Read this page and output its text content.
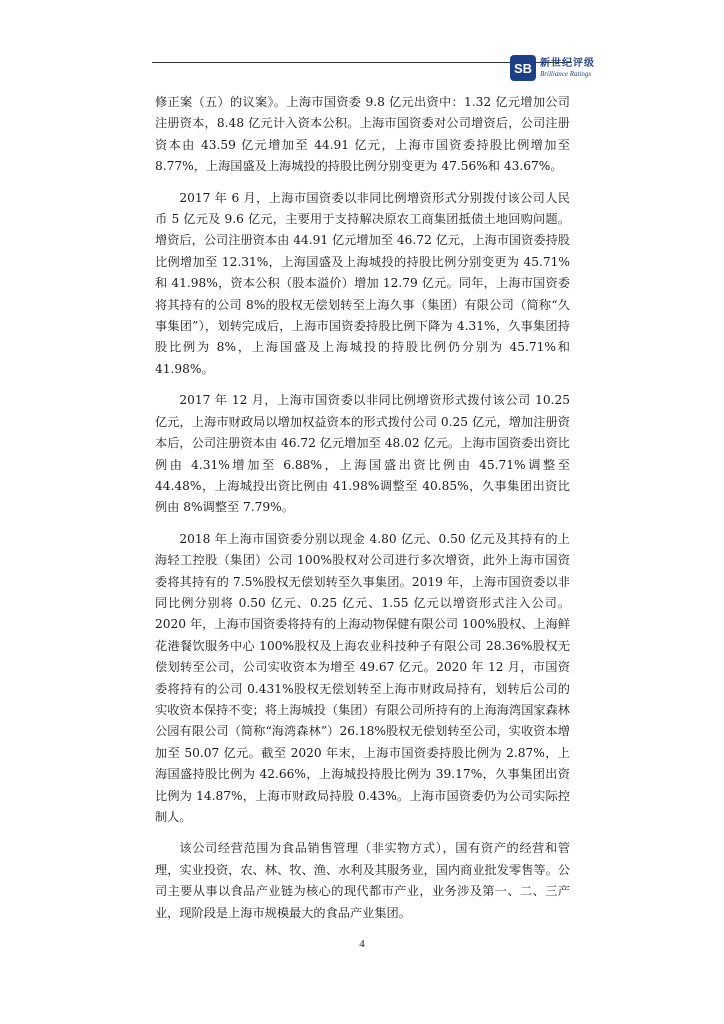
SB 新世纪评级
Brilliance Ratings

修正案（五）的议案》。上海市国资委 9.8 亿元出资中：1.32 亿元增加公司注册资本，8.48 亿元计入资本公积。上海市国资委对公司增资后，公司注册资本由 43.59 亿元增加至 44.91 亿元，上海市国资委持股比例增加至 8.77%，上海国盛及上海城投的持股比例分别变更为 47.56%和 43.67%。

2017 年 6 月，上海市国资委以非同比例增资形式分别拨付该公司人民币 5 亿元及 9.6 亿元，主要用于支持解决原农工商集团抵债土地回购问题。增资后，公司注册资本由 44.91 亿元增加至 46.72 亿元，上海市国资委持股比例增加至 12.31%，上海国盛及上海城投的持股比例分别变更为 45.71%和 41.98%，资本公积（股本溢价）增加 12.79 亿元。同年，上海市国资委将其持有的公司 8%的股权无偿划转至上海久事（集团）有限公司（简称“久事集团”），划转完成后，上海市国资委持股比例下降为 4.31%，久事集团持股比例为 8%，上海国盛及上海城投的持股比例仍分别为 45.71%和 41.98%。

2017 年 12 月，上海市国资委以非同比例增资形式拨付该公司 10.25 亿元，上海市财政局以增加权益资本的形式拨付公司 0.25 亿元，增加注册资本后，公司注册资本由 46.72 亿元增加至 48.02 亿元。上海市国资委出资比例由 4.31%增加至 6.88%，上海国盛出资比例由 45.71%调整至 44.48%，上海城投出资比例由 41.98%调整至 40.85%，久事集团出资比例由 8%调整至 7.79%。

2018 年上海市国资委分别以现金 4.80 亿元、0.50 亿元及其持有的上海轻工控股（集团）公司 100%股权对公司进行多次增资，此外上海市国资委将其持有的 7.5%股权无偿划转至久事集团。2019 年，上海市国资委以非同比例分别将 0.50 亿元、0.25 亿元、1.55 亿元以增资形式注入公司。2020 年，上海市国资委将持有的上海动物保健有限公司 100%股权、上海鲜花港餐饮服务中心 100%股权及上海农业科技种子有限公司 28.36%股权无偿划转至公司，公司实收资本为增至 49.67 亿元。2020 年 12 月，市国资委将持有的公司 0.431%股权无偿划转至上海市财政局持有，划转后公司的实收资本保持不变；将上海城投（集团）有限公司所持有的上海海湾国家森林公园有限公司（简称“海湾森林”）26.18%股权无偿划转至公司，实收资本增加至 50.07 亿元。截至 2020 年末，上海市国资委持股比例为 2.87%，上海国盛持股比例为 42.66%，上海城投持股比例为 39.17%，久事集团出资比例为 14.87%，上海市财政局持股 0.43%。上海市国资委仍为公司实际控制人。

该公司经营范围为食品销售管理（非实物方式），国有资产的经营和管理，实业投资，农、林、牧、渔、水利及其服务业，国内商业批发零售等。公司主要从事以食品产业链为核心的现代都市产业，业务涉及第一、二、三产业，现阶段是上海市规模最大的食品产业集团。

4
